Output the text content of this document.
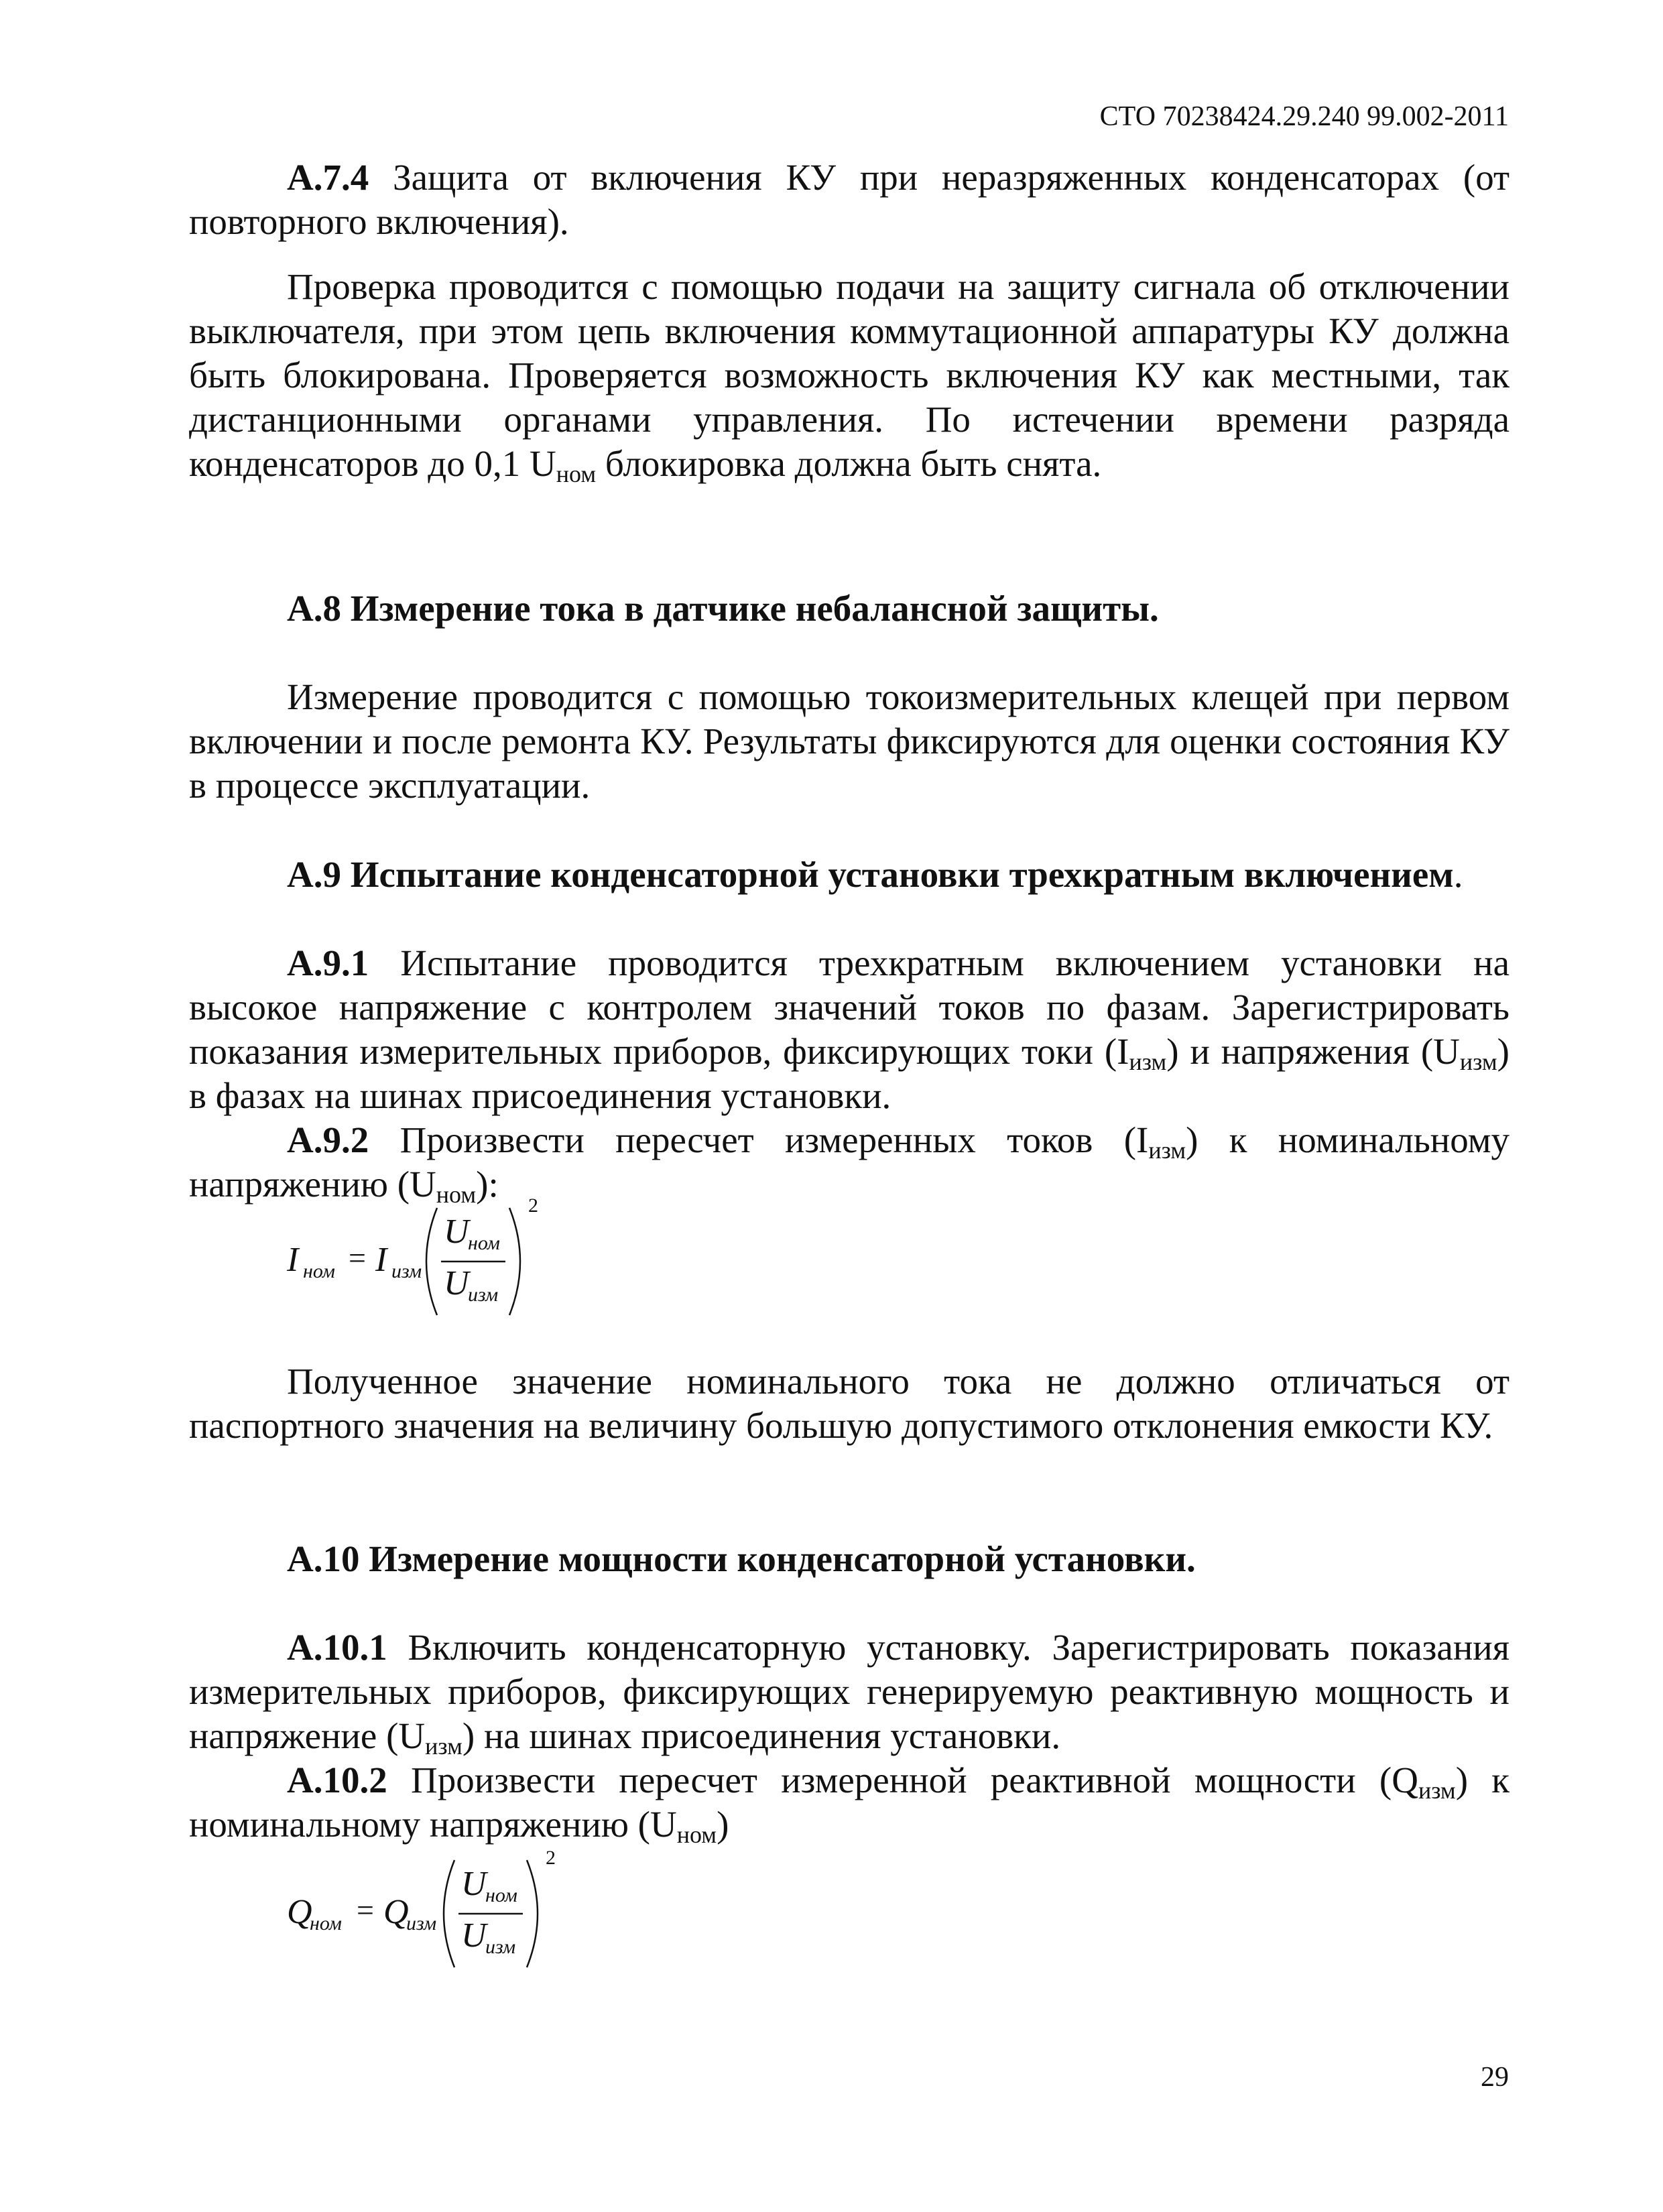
СТО 70238424.29.240 99.002-2011
А.7.4 Защита от включения КУ при неразряженных конденсаторах (от повторного включения).
Проверка проводится с помощью подачи на защиту сигнала об отключении выключателя, при этом цепь включения коммутационной аппаратуры КУ должна быть блокирована. Проверяется возможность включения КУ как местными, так дистанционными органами управления. По истечении времени разряда конденсаторов до 0,1 $U_{ном}$ блокировка должна быть снята.
А.8 Измерение тока в датчике небалансной защиты.
Измерение проводится с помощью токоизмерительных клещей при первом включении и после ремонта КУ. Результаты фиксируются для оценки состояния КУ в процессе эксплуатации.
А.9 Испытание конденсаторной установки трехкратным включением.
А.9.1 Испытание проводится трехкратным включением установки на высокое напряжение с контролем значений токов по фазам. Зарегистрировать показания измерительных приборов, фиксирующих токи $(I_{изм})$ и напряжения $(U_{изм})$ в фазах на шинах присоединения установки.
А.9.2 Произвести пересчет измеренных токов $(I_{изм})$ к номинальному напряжению $(U_{ном})$:
I ном = I изм
U
ном
U
изм
2
Полученное значение номинального тока не должно отличаться от паспортного значения на величину большую допустимого отклонения емкости КУ.
А.10 Измерение мощности конденсаторной установки.
А.10.1 Включить конденсаторную установку. Зарегистрировать показания измерительных приборов, фиксирующих генерируемую реактивную мощность и напряжение $(U_{изм})$ на шинах присоединения установки.
А.10.2 Произвести пересчет измеренной реактивной мощности $(Q_{изм})$ к номинальному напряжению $(U_{ном})$
Q
ном = Q
изм
U
ном
U
изм
2
29
